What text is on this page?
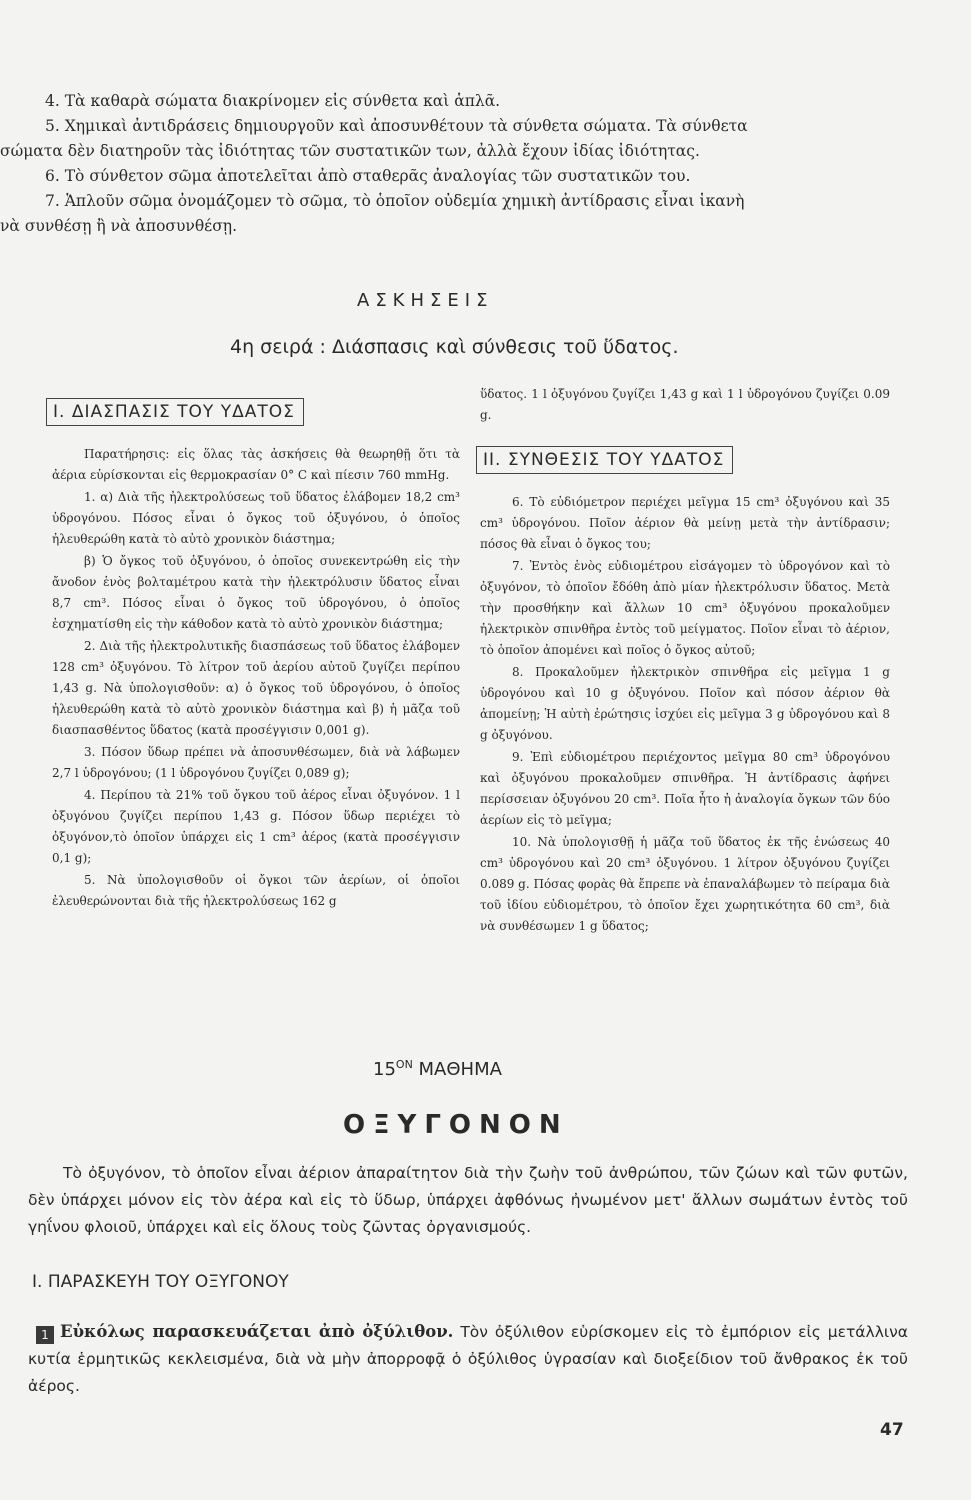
4. Τὰ καθαρὰ σώματα διακρίνομεν εἰς σύνθετα καὶ ἁπλᾶ.

5. Χημικαὶ ἀντιδράσεις δημιουργοῦν καὶ ἀποσυνθέτουν τὰ σύνθετα σώματα. Τὰ σύνθετα

σώματα δὲν διατηροῦν τὰς ἰδιότητας τῶν συστατικῶν των, ἀλλὰ ἔχουν ἰδίας ἰδιότητας.

6. Τὸ σύνθετον σῶμα ἀποτελεῖται ἀπὸ σταθερᾶς ἀναλογίας τῶν συστατικῶν του.

7. Ἁπλοῦν σῶμα ὀνομάζομεν τὸ σῶμα, τὸ ὁποῖον οὐδεμία χημικὴ ἀντίδρασις εἶναι ἱκανὴ

νὰ συνθέσῃ ἢ νὰ ἀποσυνθέσῃ.

ΑΣΚΗΣΕΙΣ
4η σειρά : Διάσπασις καὶ σύνθεσις τοῦ ὕδατος.
Ι. ΔΙΑΣΠΑΣΙΣ ΤΟΥ ΥΔΑΤΟΣ

Παρατήρησις: εἰς ὅλας τὰς ἀσκήσεις θὰ θεωρηθῇ ὅτι τὰ ἀέρια εὑρίσκονται εἰς θερμοκρασίαν 0° C καὶ πίεσιν 760 mmHg.

1. α) Διὰ τῆς ἠλεκτρολύσεως τοῦ ὕδατος ἐλάβομεν 18,2 cm³ ὑδρογόνου. Πόσος εἶναι ὁ ὄγκος τοῦ ὀξυγόνου, ὁ ὁποῖος ἠλευθερώθη κατὰ τὸ αὐτὸ χρονικὸν διάστημα;

β) Ὁ ὄγκος τοῦ ὀξυγόνου, ὁ ὁποῖος συνεκεντρώθη εἰς τὴν ἄνοδον ἑνὸς βολταμέτρου κατὰ τὴν ἠλεκτρόλυσιν ὕδατος εἶναι 8,7 cm³. Πόσος εἶναι ὁ ὄγκος τοῦ ὑδρογόνου, ὁ ὁποῖος ἐσχηματίσθη εἰς τὴν κάθοδον κατὰ τὸ αὐτὸ χρονικὸν διάστημα;

2. Διὰ τῆς ἠλεκτρολυτικῆς διασπάσεως τοῦ ὕδατος ἐλάβομεν 128 cm³ ὀξυγόνου. Τὸ λίτρον τοῦ ἀερίου αὐτοῦ ζυγίζει περίπου 1,43 g. Νὰ ὑπολογισθοῦν: α) ὁ ὄγκος τοῦ ὑδρογόνου, ὁ ὁποῖος ἠλευθερώθη κατὰ τὸ αὐτὸ χρονικὸν διάστημα καὶ β) ἡ μᾶζα τοῦ διασπασθέντος ὕδατος (κατὰ προσέγγισιν 0,001 g).

3. Πόσον ὕδωρ πρέπει νὰ ἀποσυνθέσωμεν, διὰ νὰ λάβωμεν 2,7 l ὑδρογόνου; (1 l ὑδρογόνου ζυγίζει 0,089 g);

4. Περίπου τὰ 21% τοῦ ὄγκου τοῦ ἀέρος εἶναι ὀξυγόνον. 1 l ὀξυγόνου ζυγίζει περίπου 1,43 g. Πόσον ὕδωρ περιέχει τὸ ὀξυγόνον,τὸ ὁποῖον ὑπάρχει εἰς 1 cm³ ἀέρος (κατὰ προσέγγισιν 0,1 g);

5. Νὰ ὑπολογισθοῦν οἱ ὄγκοι τῶν ἀερίων, οἱ ὁποῖοι ἐλευθερώνονται διὰ τῆς ἠλεκτρολύσεως 162 g

ὕδατος. 1 l ὀξυγόνου ζυγίζει 1,43 g καὶ 1 l ὑδρογόνου ζυγίζει 0.09 g.

ΙΙ. ΣΥΝΘΕΣΙΣ ΤΟΥ ΥΔΑΤΟΣ

6. Τὸ εὐδιόμετρον περιέχει μεῖγμα 15 cm³ ὀξυγόνου καὶ 35 cm³ ὑδρογόνου. Ποῖον ἀέριον θὰ μείνῃ μετὰ τὴν ἀντίδρασιν; πόσος θὰ εἶναι ὁ ὄγκος του;

7. Ἐντὸς ἑνὸς εὐδιομέτρου εἰσάγομεν τὸ ὑδρογόνον καὶ τὸ ὀξυγόνον, τὸ ὁποῖον ἔδόθη ἀπὸ μίαν ἠλεκτρόλυσιν ὕδατος. Μετὰ τὴν προσθήκην καὶ ἄλλων 10 cm³ ὀξυγόνου προκαλοῦμεν ἠλεκτρικὸν σπινθῆρα ἐντὸς τοῦ μείγματος. Ποῖον εἶναι τὸ ἀέριον, τὸ ὁποῖον ἀπομένει καὶ ποῖος ὁ ὄγκος αὐτοῦ;

8. Προκαλοῦμεν ἠλεκτρικὸν σπινθῆρα εἰς μεῖγμα 1 g ὑδρογόνου καὶ 10 g ὀξυγόνου. Ποῖον καὶ πόσον ἀέριον θὰ ἀπομείνῃ; Ἡ αὐτὴ ἐρώτησις ἰσχύει εἰς μεῖγμα 3 g ὑδρογόνου καὶ 8 g ὀξυγόνου.

9. Ἐπὶ εὐδιομέτρου περιέχοντος μεῖγμα 80 cm³ ὑδρογόνου καὶ ὀξυγόνου προκαλοῦμεν σπινθῆρα. Ἡ ἀντίδρασις ἀφήνει περίσσειαν ὀξυγόνου 20 cm³. Ποῖα ἦτο ἡ ἀναλογία ὄγκων τῶν δύο ἀερίων εἰς τὸ μεῖγμα;

10. Νὰ ὑπολογισθῇ ἡ μᾶζα τοῦ ὕδατος ἐκ τῆς ἑνώσεως 40 cm³ ὑδρογόνου καὶ 20 cm³ ὀξυγόνου. 1 λίτρον ὀξυγόνου ζυγίζει 0.089 g. Πόσας φορὰς θὰ ἔπρεπε νὰ ἐπαναλάβωμεν τὸ πείραμα διὰ τοῦ ἰδίου εὐδιομέτρου, τὸ ὁποῖον ἔχει χωρητικότητα 60 cm³, διὰ νὰ συνθέσωμεν 1 g ὕδατος;

$15^{ON}$ ΜΑΘΗΜΑ
ΟΞΥΓΟΝΟΝ

Τὸ ὀξυγόνον, τὸ ὁποῖον εἶναι ἀέριον ἀπαραίτητον διὰ τὴν ζωὴν τοῦ ἀνθρώπου, τῶν ζώων καὶ τῶν φυτῶν, δὲν ὑπάρχει μόνον εἰς τὸν ἀέρα καὶ εἰς τὸ ὕδωρ, ὑπάρχει ἀφθόνως ἠνωμένον μετ' ἄλλων σωμάτων ἐντὸς τοῦ γηΐνου φλοιοῦ, ὑπάρχει καὶ εἰς ὅλους τοὺς ζῶντας ὀργανισμούς.

Ι. ΠΑΡΑΣΚΕΥΗ ΤΟΥ ΟΞΥΓΟΝΟΥ

1 Εὐκόλως παρασκευάζεται ἀπὸ ὀξύλιθον. Τὸν ὀξύλιθον εὑρίσκομεν εἰς τὸ ἐμπόριον εἰς μετάλλινα κυτία ἑρμητικῶς κεκλεισμένα, διὰ νὰ μὴν ἀπορροφᾷ ὁ ὀξύλιθος ὑγρασίαν καὶ διοξείδιον τοῦ ἄνθρακος ἐκ τοῦ ἀέρος.

47
